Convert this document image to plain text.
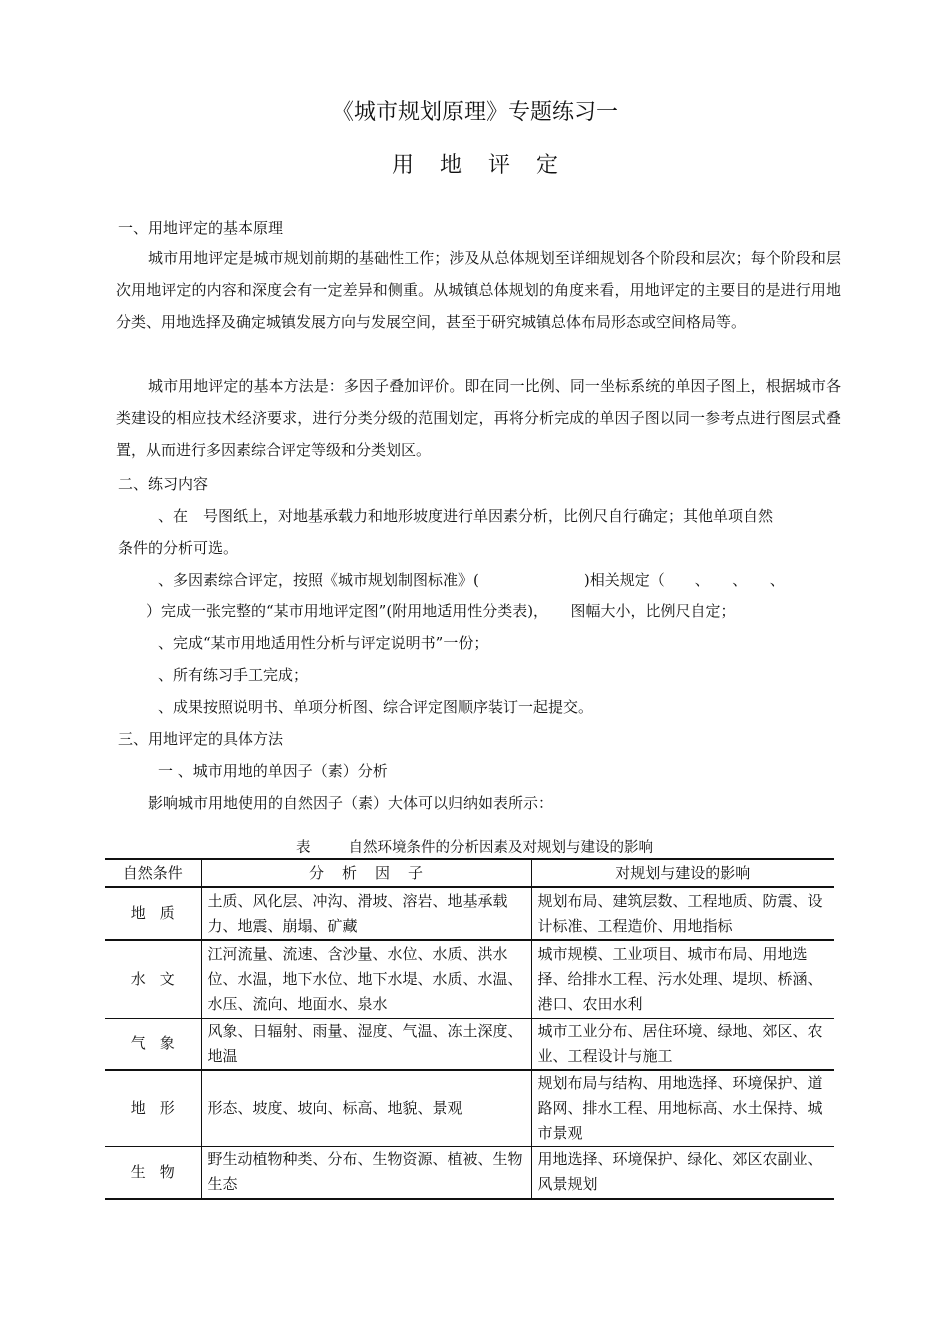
《城市规划原理》专题练习一
用地评定
一、用地评定的基本原理
城市用地评定是城市规划前期的基础性工作；涉及从总体规划至详细规划各个阶段和层次；每个阶段和层次用地评定的内容和深度会有一定差异和侧重。从城镇总体规划的角度来看，用地评定的主要目的是进行用地分类、用地选择及确定城镇发展方向与发展空间，甚至于研究城镇总体布局形态或空间格局等。
城市用地评定的基本方法是：多因子叠加评价。即在同一比例、同一坐标系统的单因子图上，根据城市各类建设的相应技术经济要求，进行分类分级的范围划定，再将分析完成的单因子图以同一参考点进行图层式叠置，从而进行多因素综合评定等级和分类划区。
二、练习内容
、在　号图纸上，对地基承载力和地形坡度进行单因素分析，比例尺自行确定；其他单项自然
条件的分析可选。
、多因素综合评定，按照《城市规划制图标准》(　　　　　　　)相关规定（　　、　　、　　、
）完成一张完整的“某市用地评定图”(附用地适用性分类表)，　　图幅大小，比例尺自定；
、完成“某市用地适用性分析与评定说明书”一份；
、所有练习手工完成；
、成果按照说明书、单项分析图、综合评定图顺序装订一起提交。
三、用地评定的具体方法
一 、城市用地的单因子（素）分析
影响城市用地使用的自然因子（素）大体可以归纳如表所示：
表	自然环境条件的分析因素及对规划与建设的影响
自然条件	分析因子	对规划与建设的影响
地质	土质、风化层、冲沟、滑坡、溶岩、地基承载力、地震、崩塌、矿藏	规划布局、建筑层数、工程地质、防震、设计标准、工程造价、用地指标
水文	江河流量、流速、含沙量、水位、水质、洪水位、水温，地下水位、地下水堤、水质、水温、水压、流向、地面水、泉水	城市规模、工业项目、城市布局、用地选择、给排水工程、污水处理、堤坝、桥涵、港口、农田水利
气象	风象、日辐射、雨量、湿度、气温、冻土深度、地温	城市工业分布、居住环境、绿地、郊区、农业、工程设计与施工
地形	形态、坡度、坡向、标高、地貌、景观	规划布局与结构、用地选择、环境保护、道路网、排水工程、用地标高、水土保持、城市景观
生物	野生动植物种类、分布、生物资源、植被、生物生态	用地选择、环境保护、绿化、郊区农副业、风景规划
